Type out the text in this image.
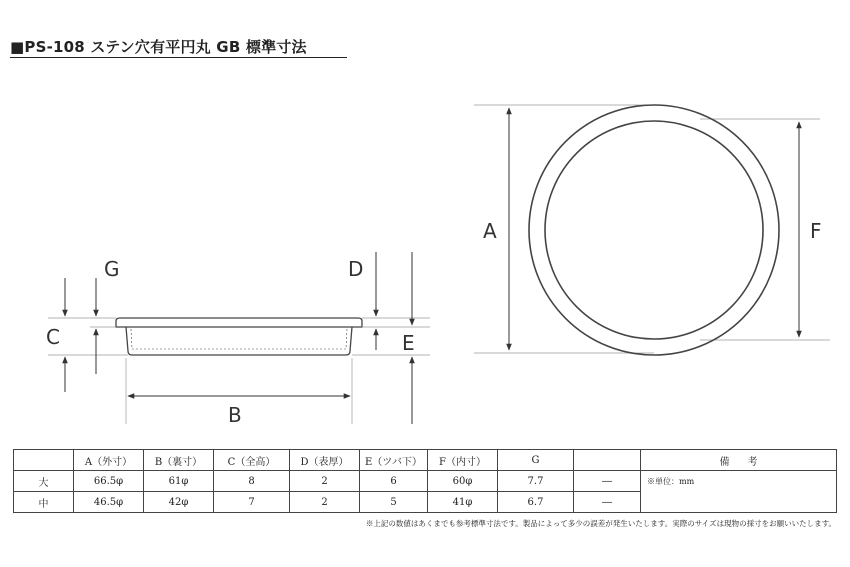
■PS-108 ステン穴有平円丸 GB 標準寸法
A	F
G	D
C	E
B
	A（外寸）	B（裏寸）	C（全高）	D（表厚）	E（ツバ下）	F（内寸）	G		備考
大	66.5φ	61φ	8	2	6	60φ	7.7	―	※単位：mm
中	46.5φ	42φ	7	2	5	41φ	6.7	―	
※上記の数値はあくまでも参考標準寸法です。製品によって多少の誤差が発生いたします。実際のサイズは現物の採寸をお願いいたします。
